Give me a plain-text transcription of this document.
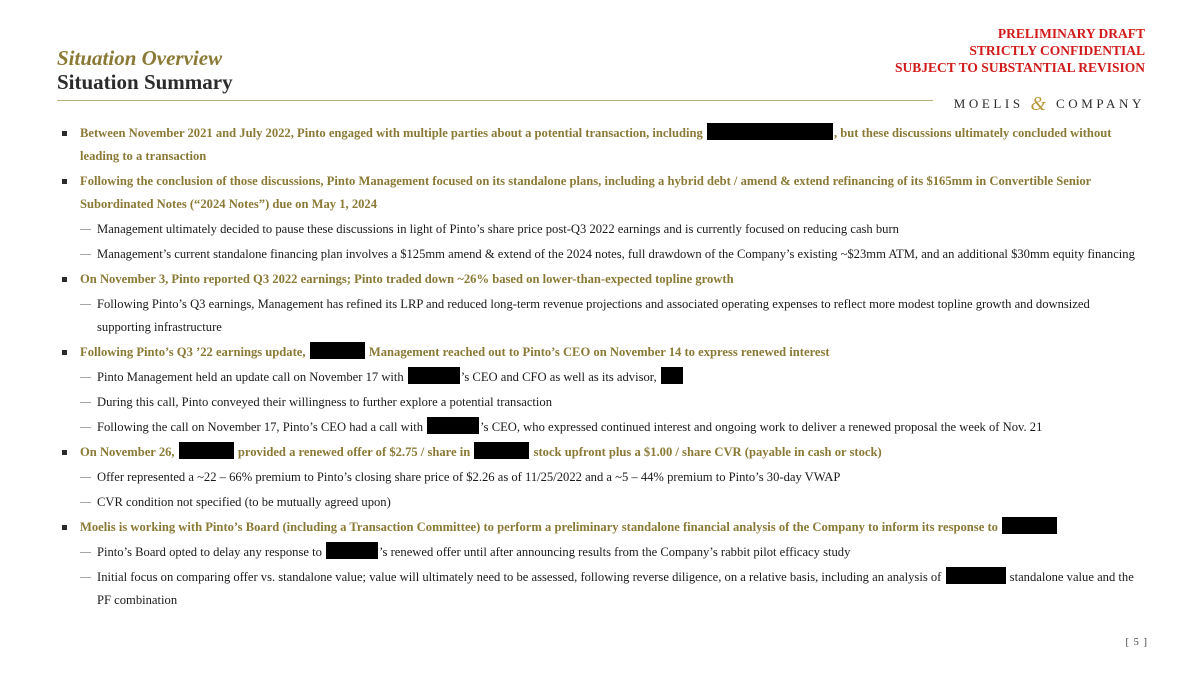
Situation Overview
Situation Summary
PRELIMINARY DRAFT
STRICTLY CONFIDENTIAL
SUBJECT TO SUBSTANTIAL REVISION
MOELIS & COMPANY
Between November 2021 and July 2022, Pinto engaged with multiple parties about a potential transaction, including	, but these discussions ultimately concluded without leading to a transaction
Following the conclusion of those discussions, Pinto Management focused on its standalone plans, including a hybrid debt / amend & extend refinancing of its $165mm in Convertible Senior Subordinated Notes (“2024 Notes”) due on May 1, 2024
— Management ultimately decided to pause these discussions in light of Pinto’s share price post-Q3 2022 earnings and is currently focused on reducing cash burn
— Management’s current standalone financing plan involves a $125mm amend & extend of the 2024 notes, full drawdown of the Company’s existing ~$23mm ATM, and an additional $30mm equity financing
On November 3, Pinto reported Q3 2022 earnings; Pinto traded down ~26% based on lower-than-expected topline growth
— Following Pinto’s Q3 earnings, Management has refined its LRP and reduced long-term revenue projections and associated operating expenses to reflect more modest topline growth and downsized supporting infrastructure
Following Pinto’s Q3 ’22 earnings update,	Management reached out to Pinto’s CEO on November 14 to express renewed interest
— Pinto Management held an update call on November 17 with	’s CEO and CFO as well as its advisor,
— During this call, Pinto conveyed their willingness to further explore a potential transaction
— Following the call on November 17, Pinto’s CEO had a call with	’s CEO, who expressed continued interest and ongoing work to deliver a renewed proposal the week of Nov. 21
On November 26,	provided a renewed offer of $2.75 / share in	stock upfront plus a $1.00 / share CVR (payable in cash or stock)
— Offer represented a ~22 – 66% premium to Pinto’s closing share price of $2.26 as of 11/25/2022 and a ~5 – 44% premium to Pinto’s 30-day VWAP
— CVR condition not specified (to be mutually agreed upon)
Moelis is working with Pinto’s Board (including a Transaction Committee) to perform a preliminary standalone financial analysis of the Company to inform its response to
— Pinto’s Board opted to delay any response to	’s renewed offer until after announcing results from the Company’s rabbit pilot efficacy study
— Initial focus on comparing offer vs. standalone value; value will ultimately need to be assessed, following reverse diligence, on a relative basis, including an analysis of	standalone value and the PF combination
[ 5 ]
